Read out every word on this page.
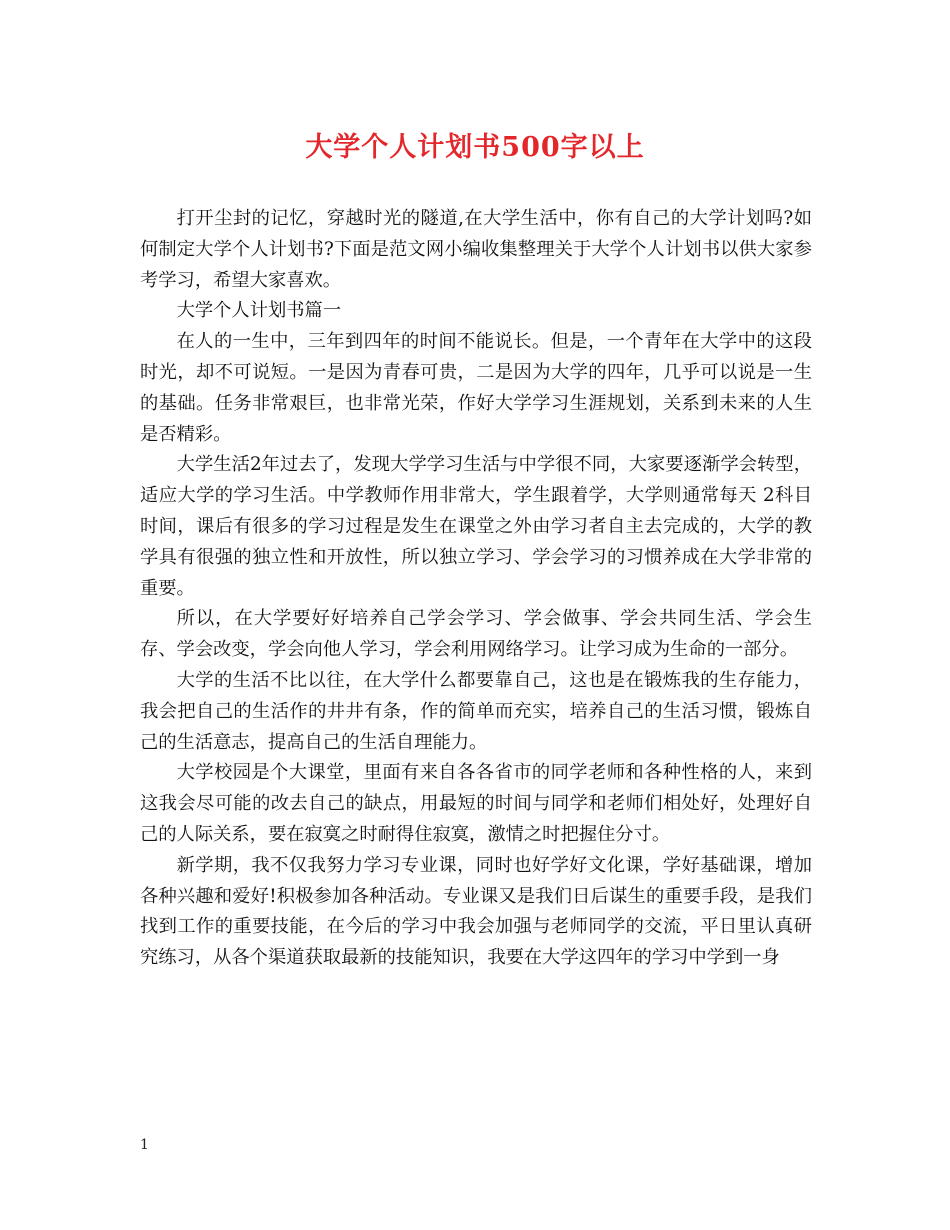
大学个人计划书500字以上

打开尘封的记忆，穿越时光的隧道,在大学生活中，你有自己的大学计划吗?如何制定大学个人计划书?下面是范文网小编收集整理关于大学个人计划书以供大家参考学习，希望大家喜欢。

大学个人计划书篇一

在人的一生中，三年到四年的时间不能说长。但是，一个青年在大学中的这段时光，却不可说短。一是因为青春可贵，二是因为大学的四年，几乎可以说是一生的基础。任务非常艰巨，也非常光荣，作好大学学习生涯规划，关系到未来的人生是否精彩。

大学生活2年过去了，发现大学学习生活与中学很不同，大家要逐渐学会转型，适应大学的学习生活。中学教师作用非常大，学生跟着学，大学则通常每天 2科目时间，课后有很多的学习过程是发生在课堂之外由学习者自主去完成的，大学的教学具有很强的独立性和开放性，所以独立学习、学会学习的习惯养成在大学非常的重要。

所以，在大学要好好培养自己学会学习、学会做事、学会共同生活、学会生存、学会改变，学会向他人学习，学会利用网络学习。让学习成为生命的一部分。

大学的生活不比以往，在大学什么都要靠自己，这也是在锻炼我的生存能力，我会把自己的生活作的井井有条，作的简单而充实，培养自己的生活习惯，锻炼自己的生活意志，提高自己的生活自理能力。

大学校园是个大课堂，里面有来自各各省市的同学老师和各种性格的人，来到这我会尽可能的改去自己的缺点，用最短的时间与同学和老师们相处好，处理好自己的人际关系，要在寂寞之时耐得住寂寞，激情之时把握住分寸。

新学期，我不仅我努力学习专业课，同时也好学好文化课，学好基础课，增加各种兴趣和爱好!积极参加各种活动。专业课又是我们日后谋生的重要手段，是我们找到工作的重要技能，在今后的学习中我会加强与老师同学的交流，平日里认真研究练习，从各个渠道获取最新的技能知识，我要在大学这四年的学习中学到一身

1
